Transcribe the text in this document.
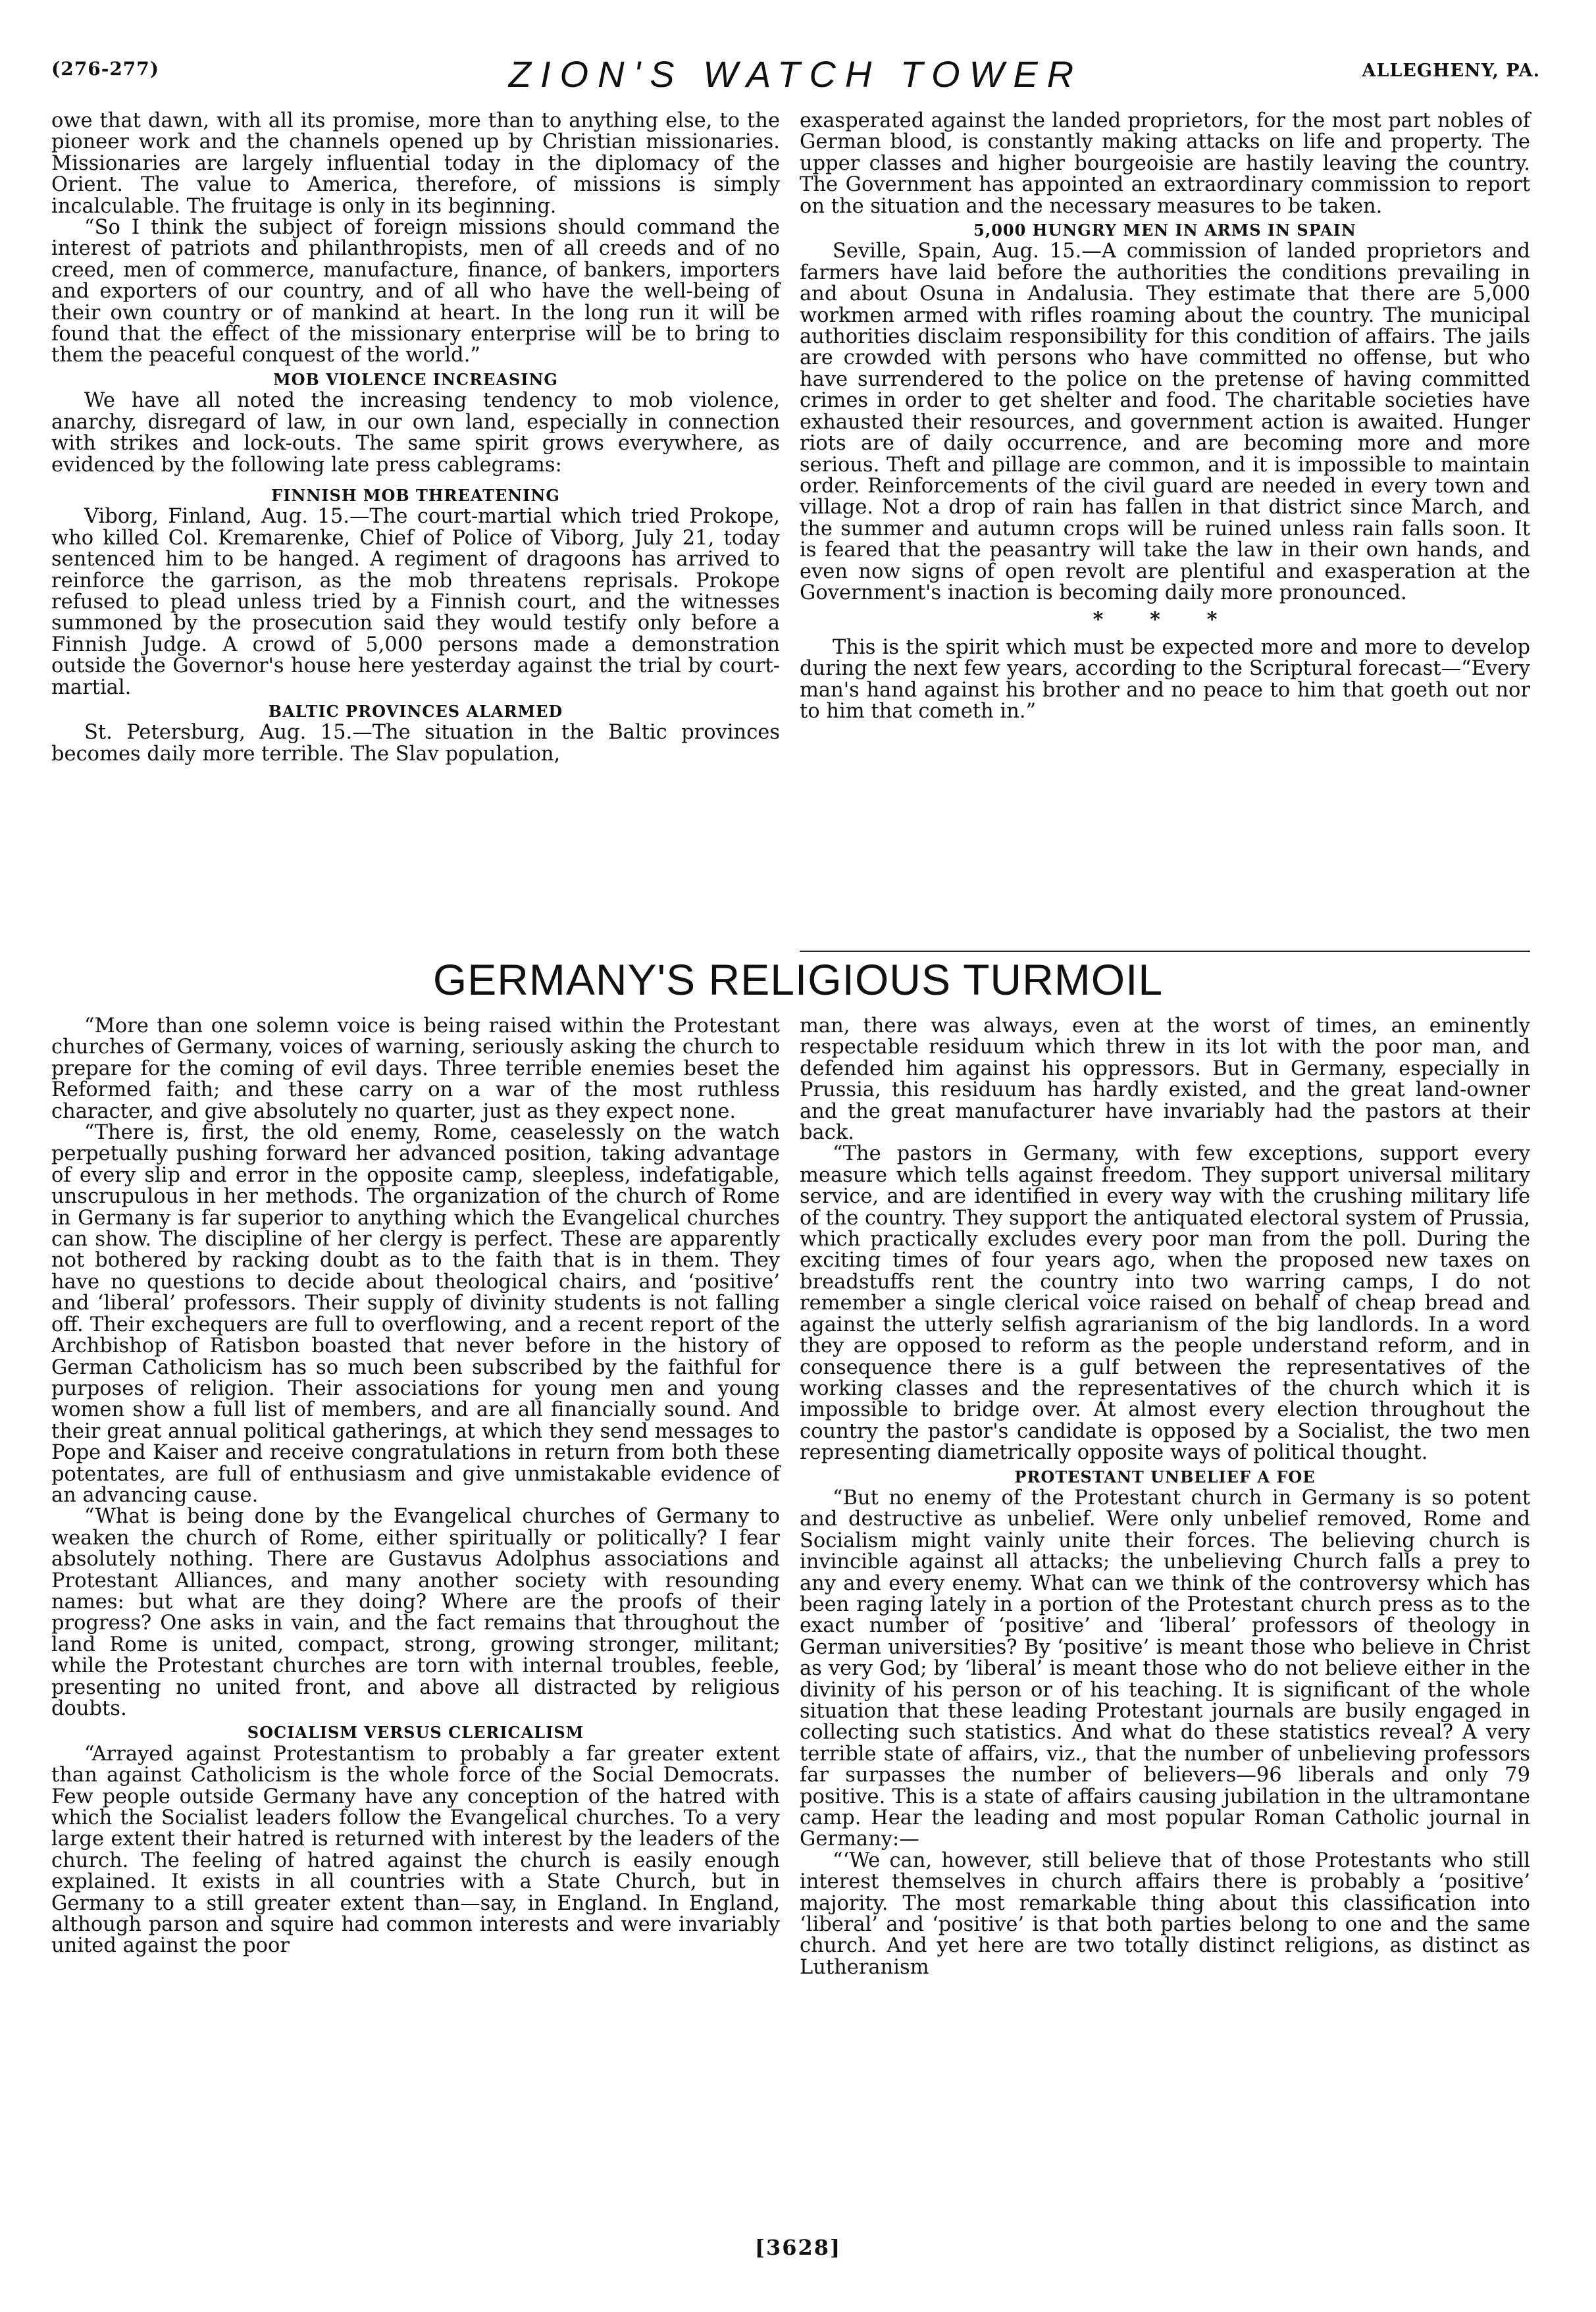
(276-277)	ZION'S WATCH TOWER	ALLEGHENY, PA.

owe that dawn, with all its promise, more than to anything else, to the pioneer work and the channels opened up by Christian missionaries. Missionaries are largely influential today in the diplomacy of the Orient. The value to America, therefore, of missions is simply incalculable. The fruitage is only in its beginning.

“So I think the subject of foreign missions should command the interest of patriots and philanthropists, men of all creeds and of no creed, men of commerce, manufacture, finance, of bankers, importers and exporters of our country, and of all who have the well-being of their own country or of mankind at heart. In the long run it will be found that the effect of the missionary enterprise will be to bring to them the peaceful conquest of the world.”

MOB VIOLENCE INCREASING

We have all noted the increasing tendency to mob violence, anarchy, disregard of law, in our own land, especially in connection with strikes and lock-outs. The same spirit grows everywhere, as evidenced by the following late press cablegrams:

FINNISH MOB THREATENING

Viborg, Finland, Aug. 15.—The court-martial which tried Prokope, who killed Col. Kremarenke, Chief of Police of Viborg, July 21, today sentenced him to be hanged. A regiment of dragoons has arrived to reinforce the garrison, as the mob threatens reprisals. Prokope refused to plead unless tried by a Finnish court, and the witnesses summoned by the prosecution said they would testify only before a Finnish Judge. A crowd of 5,000 persons made a demonstration outside the Governor's house here yesterday against the trial by court-martial.

BALTIC PROVINCES ALARMED

St. Petersburg, Aug. 15.—The situation in the Baltic provinces becomes daily more terrible. The Slav population,

exasperated against the landed proprietors, for the most part nobles of German blood, is constantly making attacks on life and property. The upper classes and higher bourgeoisie are hastily leaving the country. The Government has appointed an extraordinary commission to report on the situation and the necessary measures to be taken.

5,000 HUNGRY MEN IN ARMS IN SPAIN

Seville, Spain, Aug. 15.—A commission of landed proprietors and farmers have laid before the authorities the conditions prevailing in and about Osuna in Andalusia. They estimate that there are 5,000 workmen armed with rifles roaming about the country. The municipal authorities disclaim responsibility for this condition of affairs. The jails are crowded with persons who have committed no offense, but who have surrendered to the police on the pretense of having committed crimes in order to get shelter and food. The charitable societies have exhausted their resources, and government action is awaited. Hunger riots are of daily occurrence, and are becoming more and more serious. Theft and pillage are common, and it is impossible to maintain order. Reinforcements of the civil guard are needed in every town and village. Not a drop of rain has fallen in that district since March, and the summer and autumn crops will be ruined unless rain falls soon. It is feared that the peasantry will take the law in their own hands, and even now signs of open revolt are plentiful and exasperation at the Government's inaction is becoming daily more pronounced.

* * *

This is the spirit which must be expected more and more to develop during the next few years, according to the Scriptural forecast—“Every man's hand against his brother and no peace to him that goeth out nor to him that cometh in.”

GERMANY'S RELIGIOUS TURMOIL

“More than one solemn voice is being raised within the Protestant churches of Germany, voices of warning, seriously asking the church to prepare for the coming of evil days. Three terrible enemies beset the Reformed faith; and these carry on a war of the most ruthless character, and give absolutely no quarter, just as they expect none.

“There is, first, the old enemy, Rome, ceaselessly on the watch perpetually pushing forward her advanced position, taking advantage of every slip and error in the opposite camp, sleepless, indefatigable, unscrupulous in her methods. The organization of the church of Rome in Germany is far superior to anything which the Evangelical churches can show. The discipline of her clergy is perfect. These are apparently not bothered by racking doubt as to the faith that is in them. They have no questions to decide about theological chairs, and ‘positive’ and ‘liberal’ professors. Their supply of divinity students is not falling off. Their exchequers are full to overflowing, and a recent report of the Archbishop of Ratisbon boasted that never before in the history of German Catholicism has so much been subscribed by the faithful for purposes of religion. Their associations for young men and young women show a full list of members, and are all financially sound. And their great annual political gatherings, at which they send messages to Pope and Kaiser and receive congratulations in return from both these potentates, are full of enthusiasm and give unmistakable evidence of an advancing cause.

“What is being done by the Evangelical churches of Germany to weaken the church of Rome, either spiritually or politically? I fear absolutely nothing. There are Gustavus Adolphus associations and Protestant Alliances, and many another society with resounding names: but what are they doing? Where are the proofs of their progress? One asks in vain, and the fact remains that throughout the land Rome is united, compact, strong, growing stronger, militant; while the Protestant churches are torn with internal troubles, feeble, presenting no united front, and above all distracted by religious doubts.

SOCIALISM VERSUS CLERICALISM

“Arrayed against Protestantism to probably a far greater extent than against Catholicism is the whole force of the Social Democrats. Few people outside Germany have any conception of the hatred with which the Socialist leaders follow the Evangelical churches. To a very large extent their hatred is returned with interest by the leaders of the church. The feeling of hatred against the church is easily enough explained. It exists in all countries with a State Church, but in Germany to a still greater extent than—say, in England. In England, although parson and squire had common interests and were invariably united against the poor

man, there was always, even at the worst of times, an eminently respectable residuum which threw in its lot with the poor man, and defended him against his oppressors. But in Germany, especially in Prussia, this residuum has hardly existed, and the great land-owner and the great manufacturer have invariably had the pastors at their back.

“The pastors in Germany, with few exceptions, support every measure which tells against freedom. They support universal military service, and are identified in every way with the crushing military life of the country. They support the antiquated electoral system of Prussia, which practically excludes every poor man from the poll. During the exciting times of four years ago, when the proposed new taxes on breadstuffs rent the country into two warring camps, I do not remember a single clerical voice raised on behalf of cheap bread and against the utterly selfish agrarianism of the big landlords. In a word they are opposed to reform as the people understand reform, and in consequence there is a gulf between the representatives of the working classes and the representatives of the church which it is impossible to bridge over. At almost every election throughout the country the pastor's candidate is opposed by a Socialist, the two men representing diametrically opposite ways of political thought.

PROTESTANT UNBELIEF A FOE

“But no enemy of the Protestant church in Germany is so potent and destructive as unbelief. Were only unbelief removed, Rome and Socialism might vainly unite their forces. The believing church is invincible against all attacks; the unbelieving Church falls a prey to any and every enemy. What can we think of the controversy which has been raging lately in a portion of the Protestant church press as to the exact number of ‘positive’ and ‘liberal’ professors of theology in German universities? By ‘positive’ is meant those who believe in Christ as very God; by ‘liberal’ is meant those who do not believe either in the divinity of his person or of his teaching. It is significant of the whole situation that these leading Protestant journals are busily engaged in collecting such statistics. And what do these statistics reveal? A very terrible state of affairs, viz., that the number of unbelieving professors far surpasses the number of believers—96 liberals and only 79 positive. This is a state of affairs causing jubilation in the ultramontane camp. Hear the leading and most popular Roman Catholic journal in Germany:—

“‘We can, however, still believe that of those Protestants who still interest themselves in church affairs there is probably a ‘positive’ majority. The most remarkable thing about this classification into ‘liberal’ and ‘positive’ is that both parties belong to one and the same church. And yet here are two totally distinct religions, as distinct as Lutheranism

[3628]
